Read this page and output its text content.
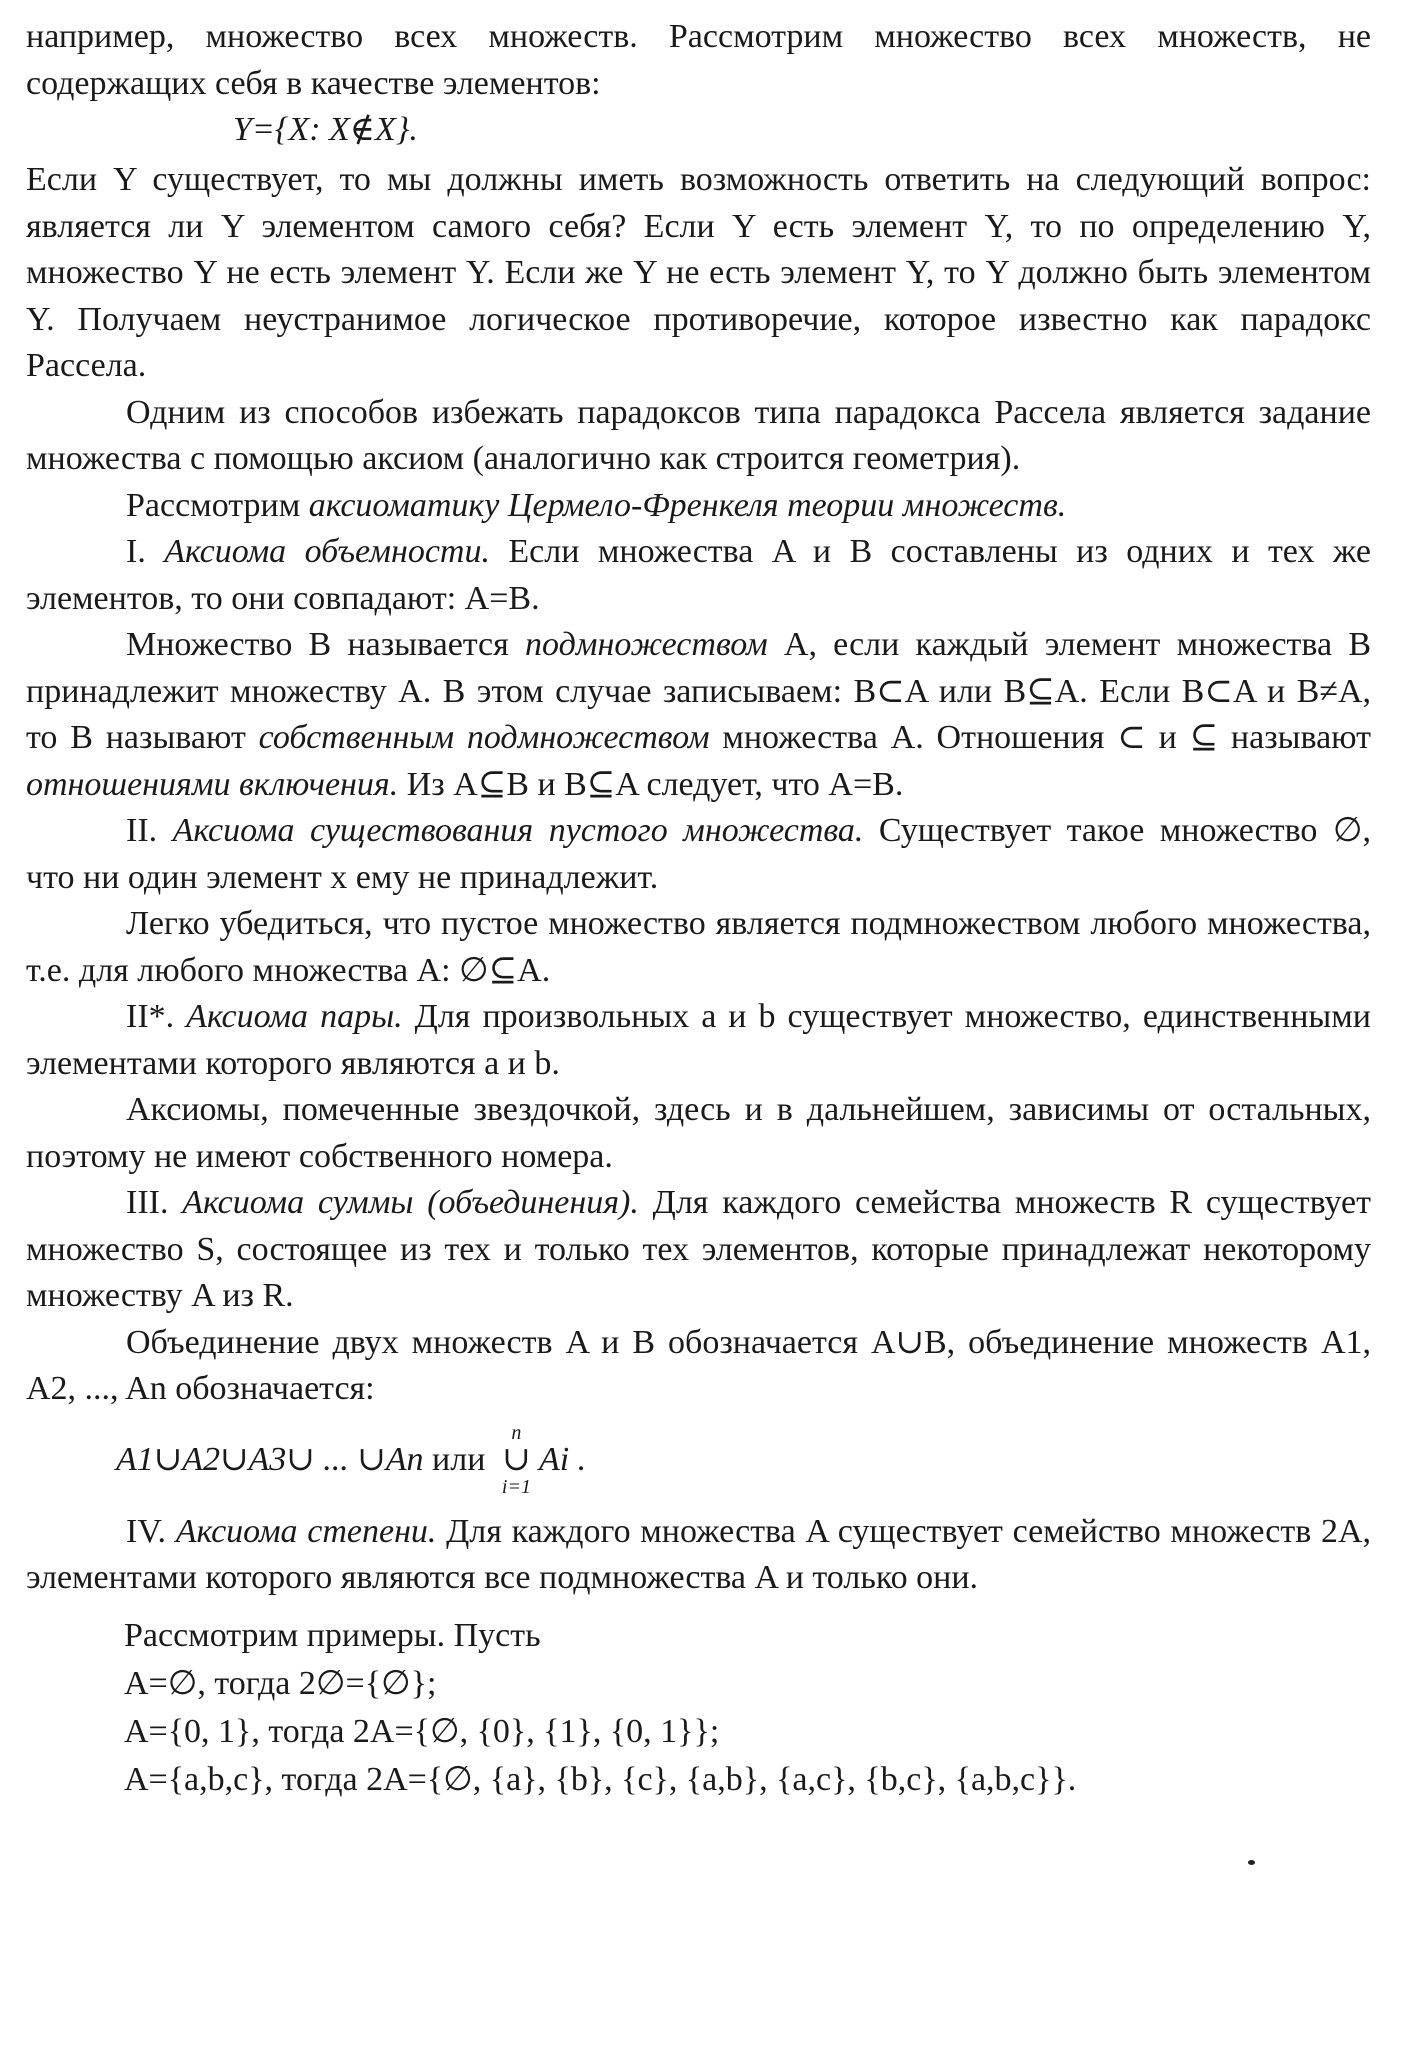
например, множество всех множеств. Рассмотрим множество всех множеств, не содержащих себя в качестве элементов:

Y={X: X∉X}.

Если Y существует, то мы должны иметь возможность ответить на следующий вопрос: является ли Y элементом самого себя? Если Y есть элемент Y, то по определению Y, множество Y не есть элемент Y. Если же Y не есть элемент Y, то Y должно быть элементом Y. Получаем неустранимое логическое противоречие, которое известно как парадокс Рассела.

Одним из способов избежать парадоксов типа парадокса Рассела является задание множества с помощью аксиом (аналогично как строится геометрия).

Рассмотрим аксиоматику Цермело-Френкеля теории множеств.

I. Аксиома объемности. Если множества A и B составлены из одних и тех же элементов, то они совпадают: A=B.

Множество B называется подмножеством A, если каждый элемент множества B принадлежит множеству A. В этом случае записываем: B⊂A или B⊆A. Если B⊂A и B≠A, то B называют собственным подмножеством множества A. Отношения ⊂ и ⊆ называют отношениями включения. Из A⊆B и B⊆A следует, что A=B.

II. Аксиома существования пустого множества. Существует такое множество ∅, что ни один элемент x ему не принадлежит.

Легко убедиться, что пустое множество является подмножеством любого множества, т.е. для любого множества A: ∅⊆A.

II*. Аксиома пары. Для произвольных a и b существует множество, единственными элементами которого являются a и b.

Аксиомы, помеченные звездочкой, здесь и в дальнейшем, зависимы от остальных, поэтому не имеют собственного номера.

III. Аксиома суммы (объединения). Для каждого семейства множеств R существует множество S, состоящее из тех и только тех элементов, которые принадлежат некоторому множеству A из R.

Объединение двух множеств A и B обозначается A∪B, объединение множеств A1, A2, ..., An обозначается:

A1∪A2∪A3∪ ... ∪An или
n
∪
i=1
Ai .

IV. Аксиома степени. Для каждого множества A существует семейство множеств 2A, элементами которого являются все подмножества A и только они.

Рассмотрим примеры. Пусть

A=∅, тогда 2∅={∅};

A={0, 1}, тогда 2A={∅, {0}, {1}, {0, 1}};

A={a,b,c}, тогда 2A={∅, {a}, {b}, {c}, {a,b}, {a,c}, {b,c}, {a,b,c}}.
